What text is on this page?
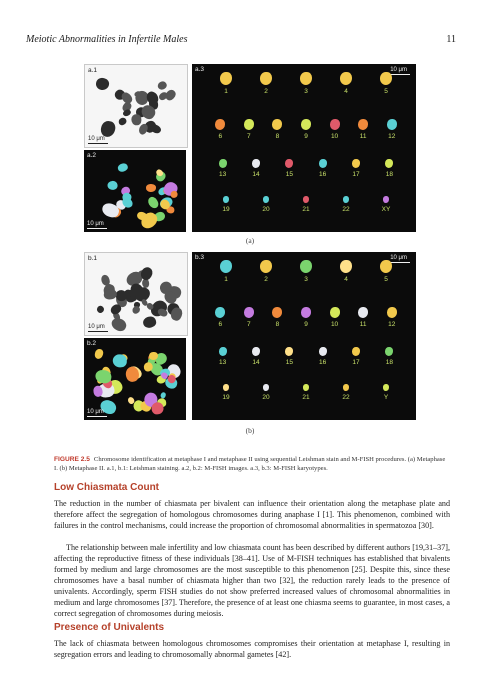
Meiotic Abnormalities in Infertile Males	11
a.1
10 μm
a.2
10 μm
a.3	10 μm
1	2	3	4	5
6	7	8	9	10	11	12
13	14	15	16	17	18
19	20	21	22	XY
(a)
b.1
10 μm
b.2
10 μm
b.3	10 μm
1	2	3	4	5
6	7	8	9	10	11	12
13	14	15	16	17	18
19	20	21	22	Y
(b)
FIGURE 2.5 Chromosome identification at metaphase I and metaphase II using sequential Leishman stain and M-FISH procedures. (a) Metaphase I. (b) Metaphase II. a.1, b.1: Leishman staining. a.2, b.2: M-FISH images. a.3, b.3: M-FISH karyotypes.
Low Chiasmata Count
The reduction in the number of chiasmata per bivalent can influence their orientation along the metaphase plate and therefore affect the segregation of homologous chromosomes during anaphase I [1]. This phenomenon, combined with failures in the control mechanisms, could increase the proportion of chromosomal abnormalities in spermatozoa [30].
The relationship between male infertility and low chiasmata count has been described by different authors [19,31–37], affecting the reproductive fitness of these individuals [38–41]. Use of M-FISH techniques has established that bivalents formed by medium and large chromosomes are the most susceptible to this phenomenon [25]. Despite this, since these chromosomes have a basal number of chiasmata higher than two [32], the reduction rarely leads to the presence of univalents. Accordingly, sperm FISH studies do not show preferred increased values of chromosomal abnormalities in medium and large chromosomes [37]. Therefore, the presence of at least one chiasma seems to guarantee, in most cases, a correct segregation of chromosomes during meiosis.
Presence of Univalents
The lack of chiasmata between homologous chromosomes compromises their orientation at metaphase I, resulting in segregation errors and leading to chromosomally abnormal gametes [42].
